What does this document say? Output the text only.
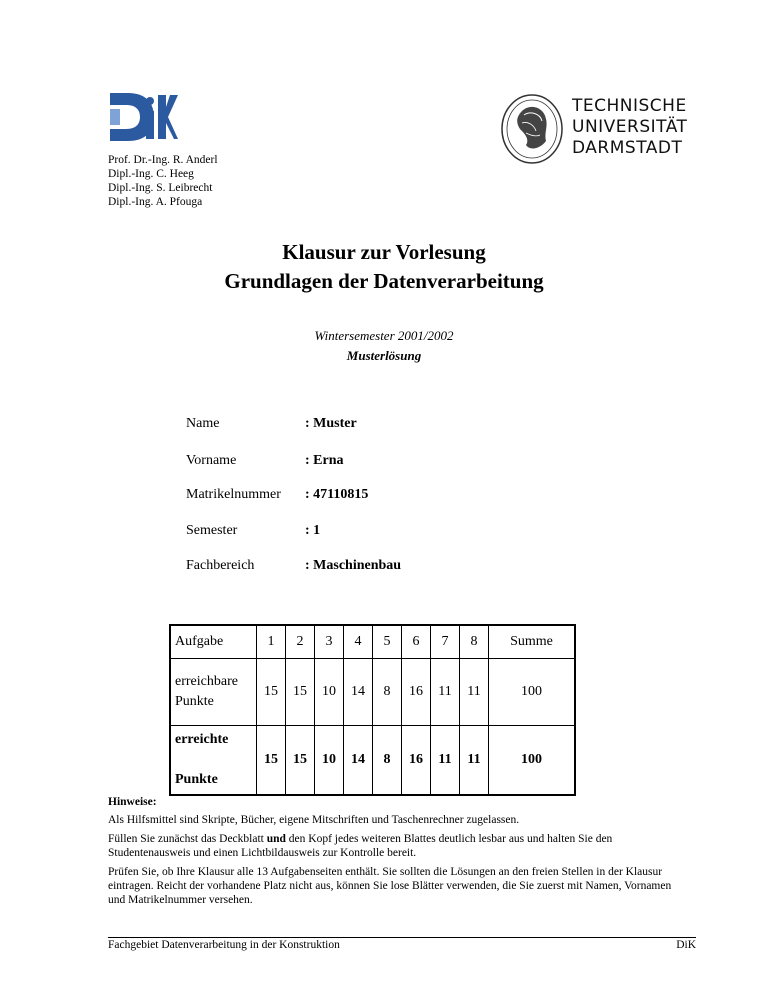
TECHNISCHE
UNIVERSITÄT
DARMSTADT
Prof. Dr.-Ing. R. Anderl
Dipl.-Ing. C. Heeg
Dipl.-Ing. S. Leibrecht
Dipl.-Ing. A. Pfouga
Klausur zur Vorlesung
Grundlagen der Datenverarbeitung
Wintersemester 2001/2002
Musterlösung
Name	: Muster
Vorname	: Erna
Matrikelnummer : 47110815
Semester	: 1
Fachbereich	: Maschinenbau
Aufgabe	1	2	3	4	5	6	7	8	Summe
erreichbare
Punkte	15	15	10	14	8	16	11	11	100
erreichte

Punkte	15	15	10	14	8	16	11	11	100
Hinweise:

Als Hilfsmittel sind Skripte, Bücher, eigene Mitschriften und Taschenrechner zugelassen.

Füllen Sie zunächst das Deckblatt und den Kopf jedes weiteren Blattes deutlich lesbar aus und halten Sie den Studentenausweis und einen Lichtbildausweis zur Kontrolle bereit.

Prüfen Sie, ob Ihre Klausur alle 13 Aufgabenseiten enthält. Sie sollten die Lösungen an den freien Stellen in der Klausur eintragen. Reicht der vorhandene Platz nicht aus, können Sie lose Blätter verwenden, die Sie zuerst mit Namen, Vornamen und Matrikelnummer versehen.

Fachgebiet Datenverarbeitung in der Konstruktion	DiK
